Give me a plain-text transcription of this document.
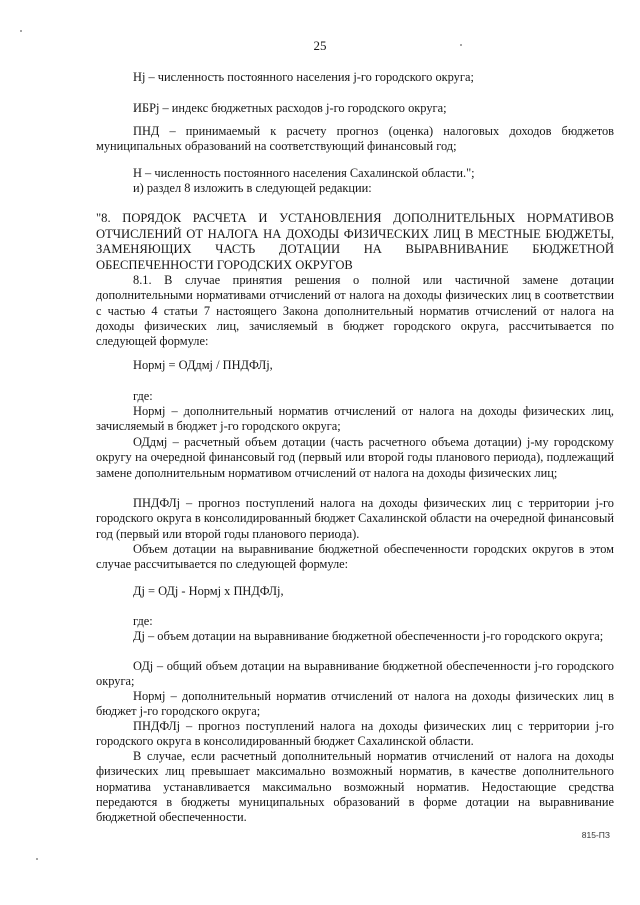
25

Нj – численность постоянного населения j-го городского округа;

ИБРj – индекс бюджетных расходов j-го городского округа;

ПНД – принимаемый к расчету прогноз (оценка) налоговых доходов бюджетов муниципальных образований на соответствующий финансовый год;

Н – численность постоянного населения Сахалинской области.";

и) раздел 8 изложить в следующей редакции:

"8. ПОРЯДОК РАСЧЕТА И УСТАНОВЛЕНИЯ ДОПОЛНИТЕЛЬНЫХ НОРМАТИВОВ ОТЧИСЛЕНИЙ ОТ НАЛОГА НА ДОХОДЫ ФИЗИЧЕСКИХ ЛИЦ В МЕСТНЫЕ БЮДЖЕТЫ, ЗАМЕНЯЮЩИХ ЧАСТЬ ДОТАЦИИ НА ВЫРАВНИВАНИЕ БЮДЖЕТНОЙ ОБЕСПЕЧЕННОСТИ ГОРОДСКИХ ОКРУГОВ

8.1. В случае принятия решения о полной или частичной замене дотации дополнительными нормативами отчислений от налога на доходы физических лиц в соответствии с частью 4 статьи 7 настоящего Закона дополнительный норматив отчислений от налога на доходы физических лиц, зачисляемый в бюджет городского округа, рассчитывается по следующей формуле:

Нормj = ОДдмj / ПНДФЛj,

где:

Нормj – дополнительный норматив отчислений от налога на доходы физических лиц, зачисляемый в бюджет j-го городского округа;

ОДдмj – расчетный объем дотации (часть расчетного объема дотации) j-му городскому округу на очередной финансовый год (первый или второй годы планового периода), подлежащий замене дополнительным нормативом отчислений от налога на доходы физических лиц;

ПНДФЛj – прогноз поступлений налога на доходы физических лиц с территории j-го городского округа в консолидированный бюджет Сахалинской области на очередной финансовый год (первый или второй годы планового периода).

Объем дотации на выравнивание бюджетной обеспеченности городских округов в этом случае рассчитывается по следующей формуле:

Дj = ОДj - Нормj х ПНДФЛj,

где:

Дj – объем дотации на выравнивание бюджетной обеспеченности j-го городского округа;

ОДj – общий объем дотации на выравнивание бюджетной обеспеченности j-го городского округа;

Нормj – дополнительный норматив отчислений от налога на доходы физических лиц в бюджет j-го городского округа;

ПНДФЛj – прогноз поступлений налога на доходы физических лиц с территории j-го городского округа в консолидированный бюджет Сахалинской области.

В случае, если расчетный дополнительный норматив отчислений от налога на доходы физических лиц превышает максимально возможный норматив, в качестве дополнительного норматива устанавливается максимально возможный норматив. Недостающие средства передаются в бюджеты муниципальных образований в форме дотации на выравнивание бюджетной обеспеченности.

815-ПЗ
